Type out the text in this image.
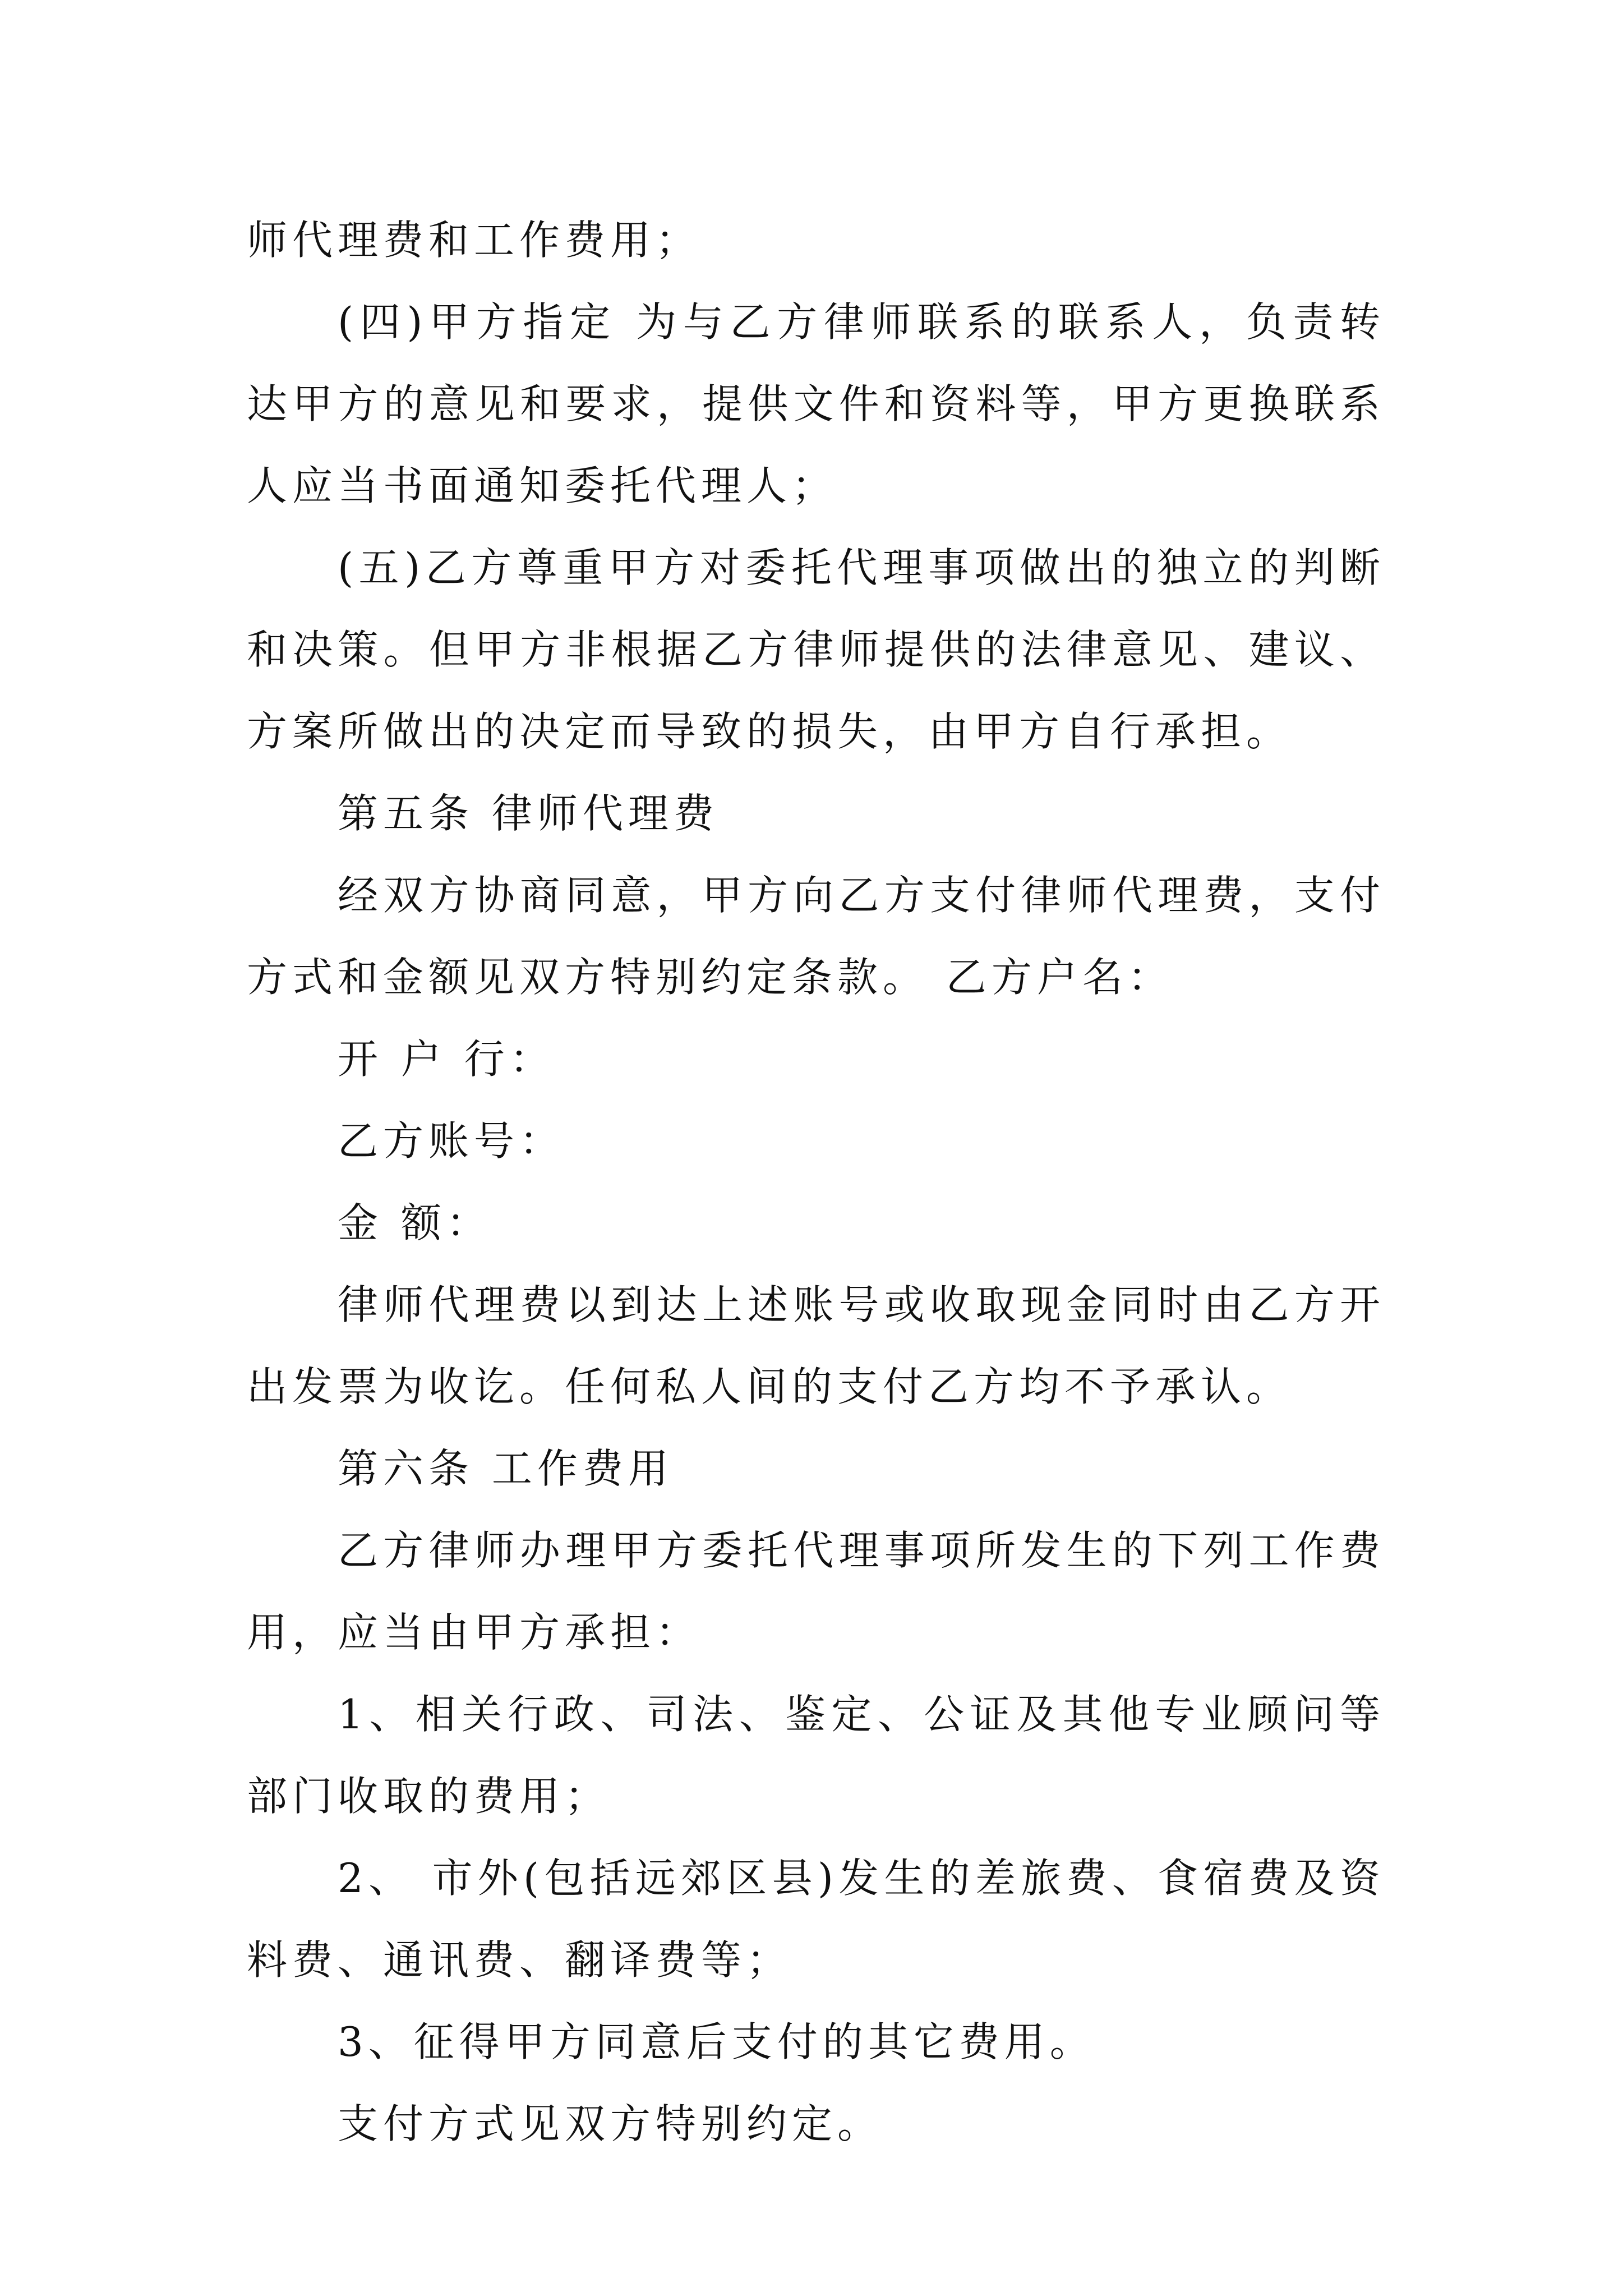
师代理费和工作费用；

(四)甲方指定 为与乙方律师联系的联系人，负责转达甲方的意见和要求，提供文件和资料等，甲方更换联系人应当书面通知委托代理人；

(五)乙方尊重甲方对委托代理事项做出的独立的判断和决策。但甲方非根据乙方律师提供的法律意见、建议、方案所做出的决定而导致的损失，由甲方自行承担。

第五条 律师代理费

经双方协商同意，甲方向乙方支付律师代理费，支付方式和金额见双方特别约定条款。 乙方户名：

开 户 行：

乙方账号：

金 额：

律师代理费以到达上述账号或收取现金同时由乙方开出发票为收讫。任何私人间的支付乙方均不予承认。

第六条 工作费用

乙方律师办理甲方委托代理事项所发生的下列工作费用，应当由甲方承担：

1、相关行政、司法、鉴定、公证及其他专业顾问等部门收取的费用；

2、 市外(包括远郊区县)发生的差旅费、食宿费及资料费、通讯费、翻译费等；

3、征得甲方同意后支付的其它费用。

支付方式见双方特别约定。
